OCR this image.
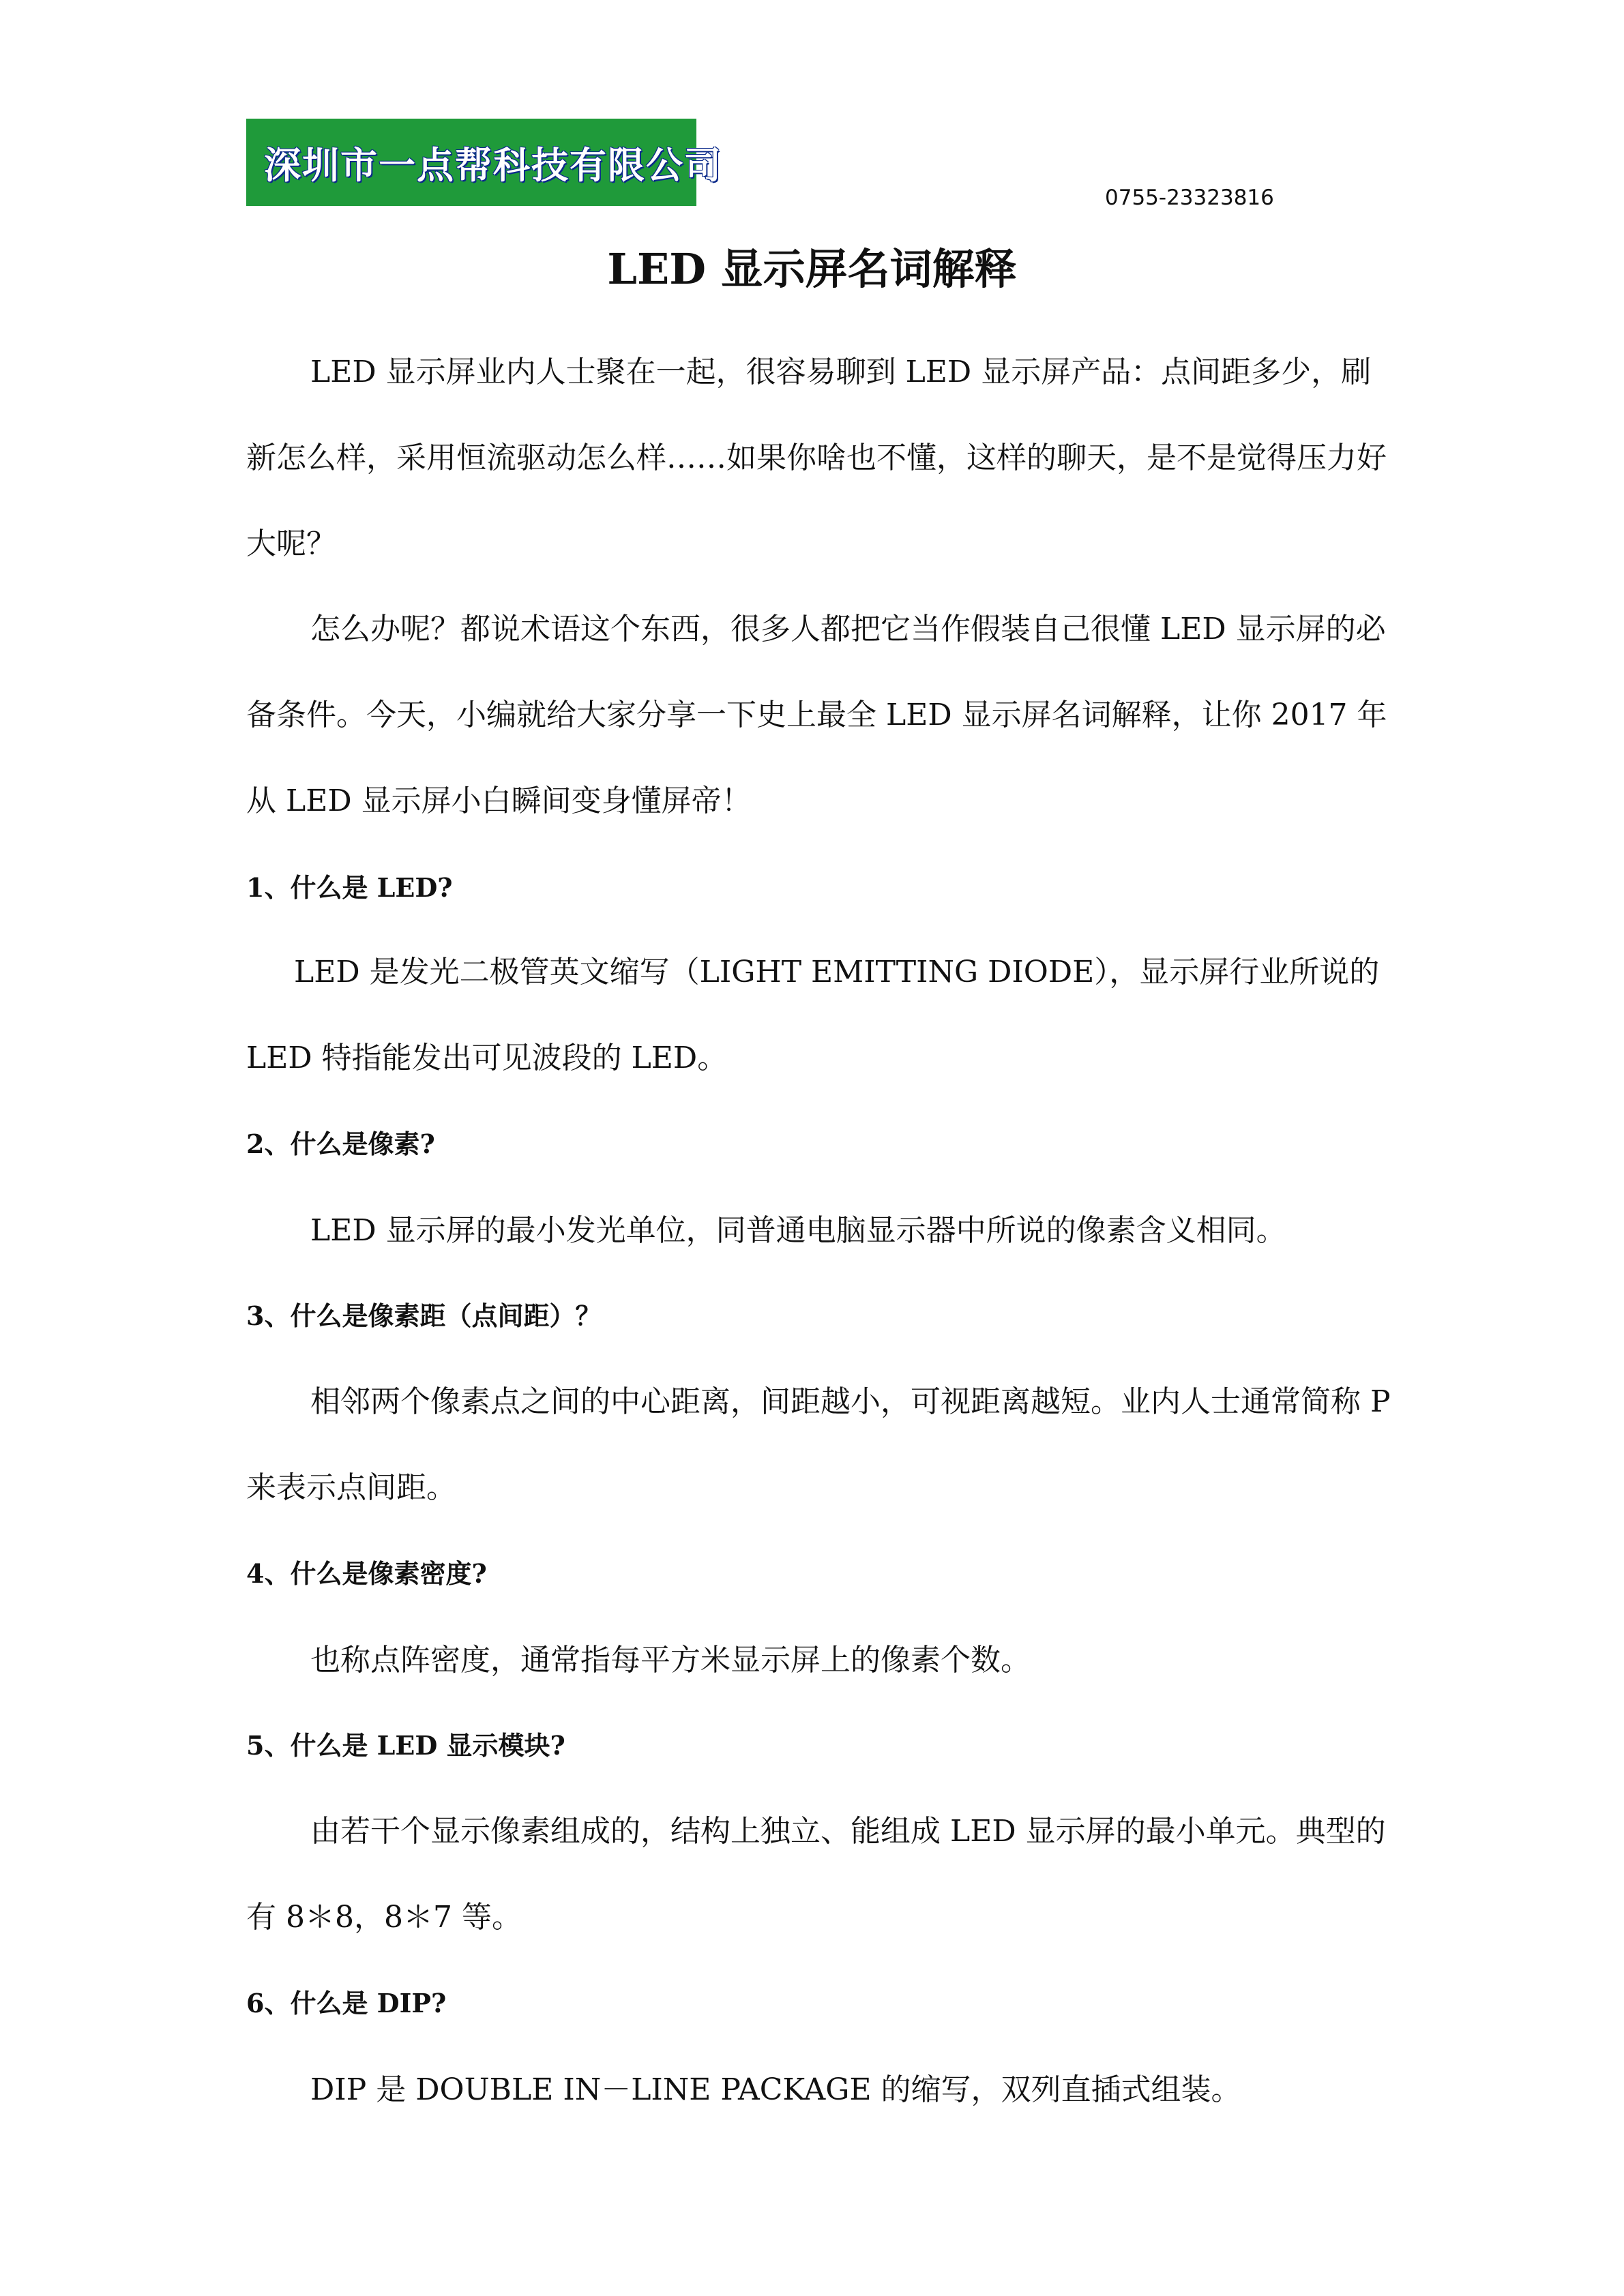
深圳市一点帮科技有限公司
0755-23323816
LED 显示屏名词解释

LED 显示屏业内人士聚在一起，很容易聊到 LED 显示屏产品：点间距多少，刷新怎么样，采用恒流驱动怎么样……如果你啥也不懂，这样的聊天，是不是觉得压力好大呢？

怎么办呢？都说术语这个东西，很多人都把它当作假装自己很懂 LED 显示屏的必备条件。今天，小编就给大家分享一下史上最全 LED 显示屏名词解释，让你 2017 年从 LED 显示屏小白瞬间变身懂屏帝！

1、什么是 LED?

LED 是发光二极管英文缩写（LIGHT EMITTING DIODE），显示屏行业所说的 LED 特指能发出可见波段的 LED。

2、什么是像素?

LED 显示屏的最小发光单位，同普通电脑显示器中所说的像素含义相同。

3、什么是像素距（点间距）？

相邻两个像素点之间的中心距离，间距越小，可视距离越短。业内人士通常简称 P 来表示点间距。

4、什么是像素密度?

也称点阵密度，通常指每平方米显示屏上的像素个数。

5、什么是 LED 显示模块?

由若干个显示像素组成的，结构上独立、能组成 LED 显示屏的最小单元。典型的有 8＊8，8＊7 等。

6、什么是 DIP?

DIP 是 DOUBLE IN－LINE PACKAGE 的缩写，双列直插式组装。
